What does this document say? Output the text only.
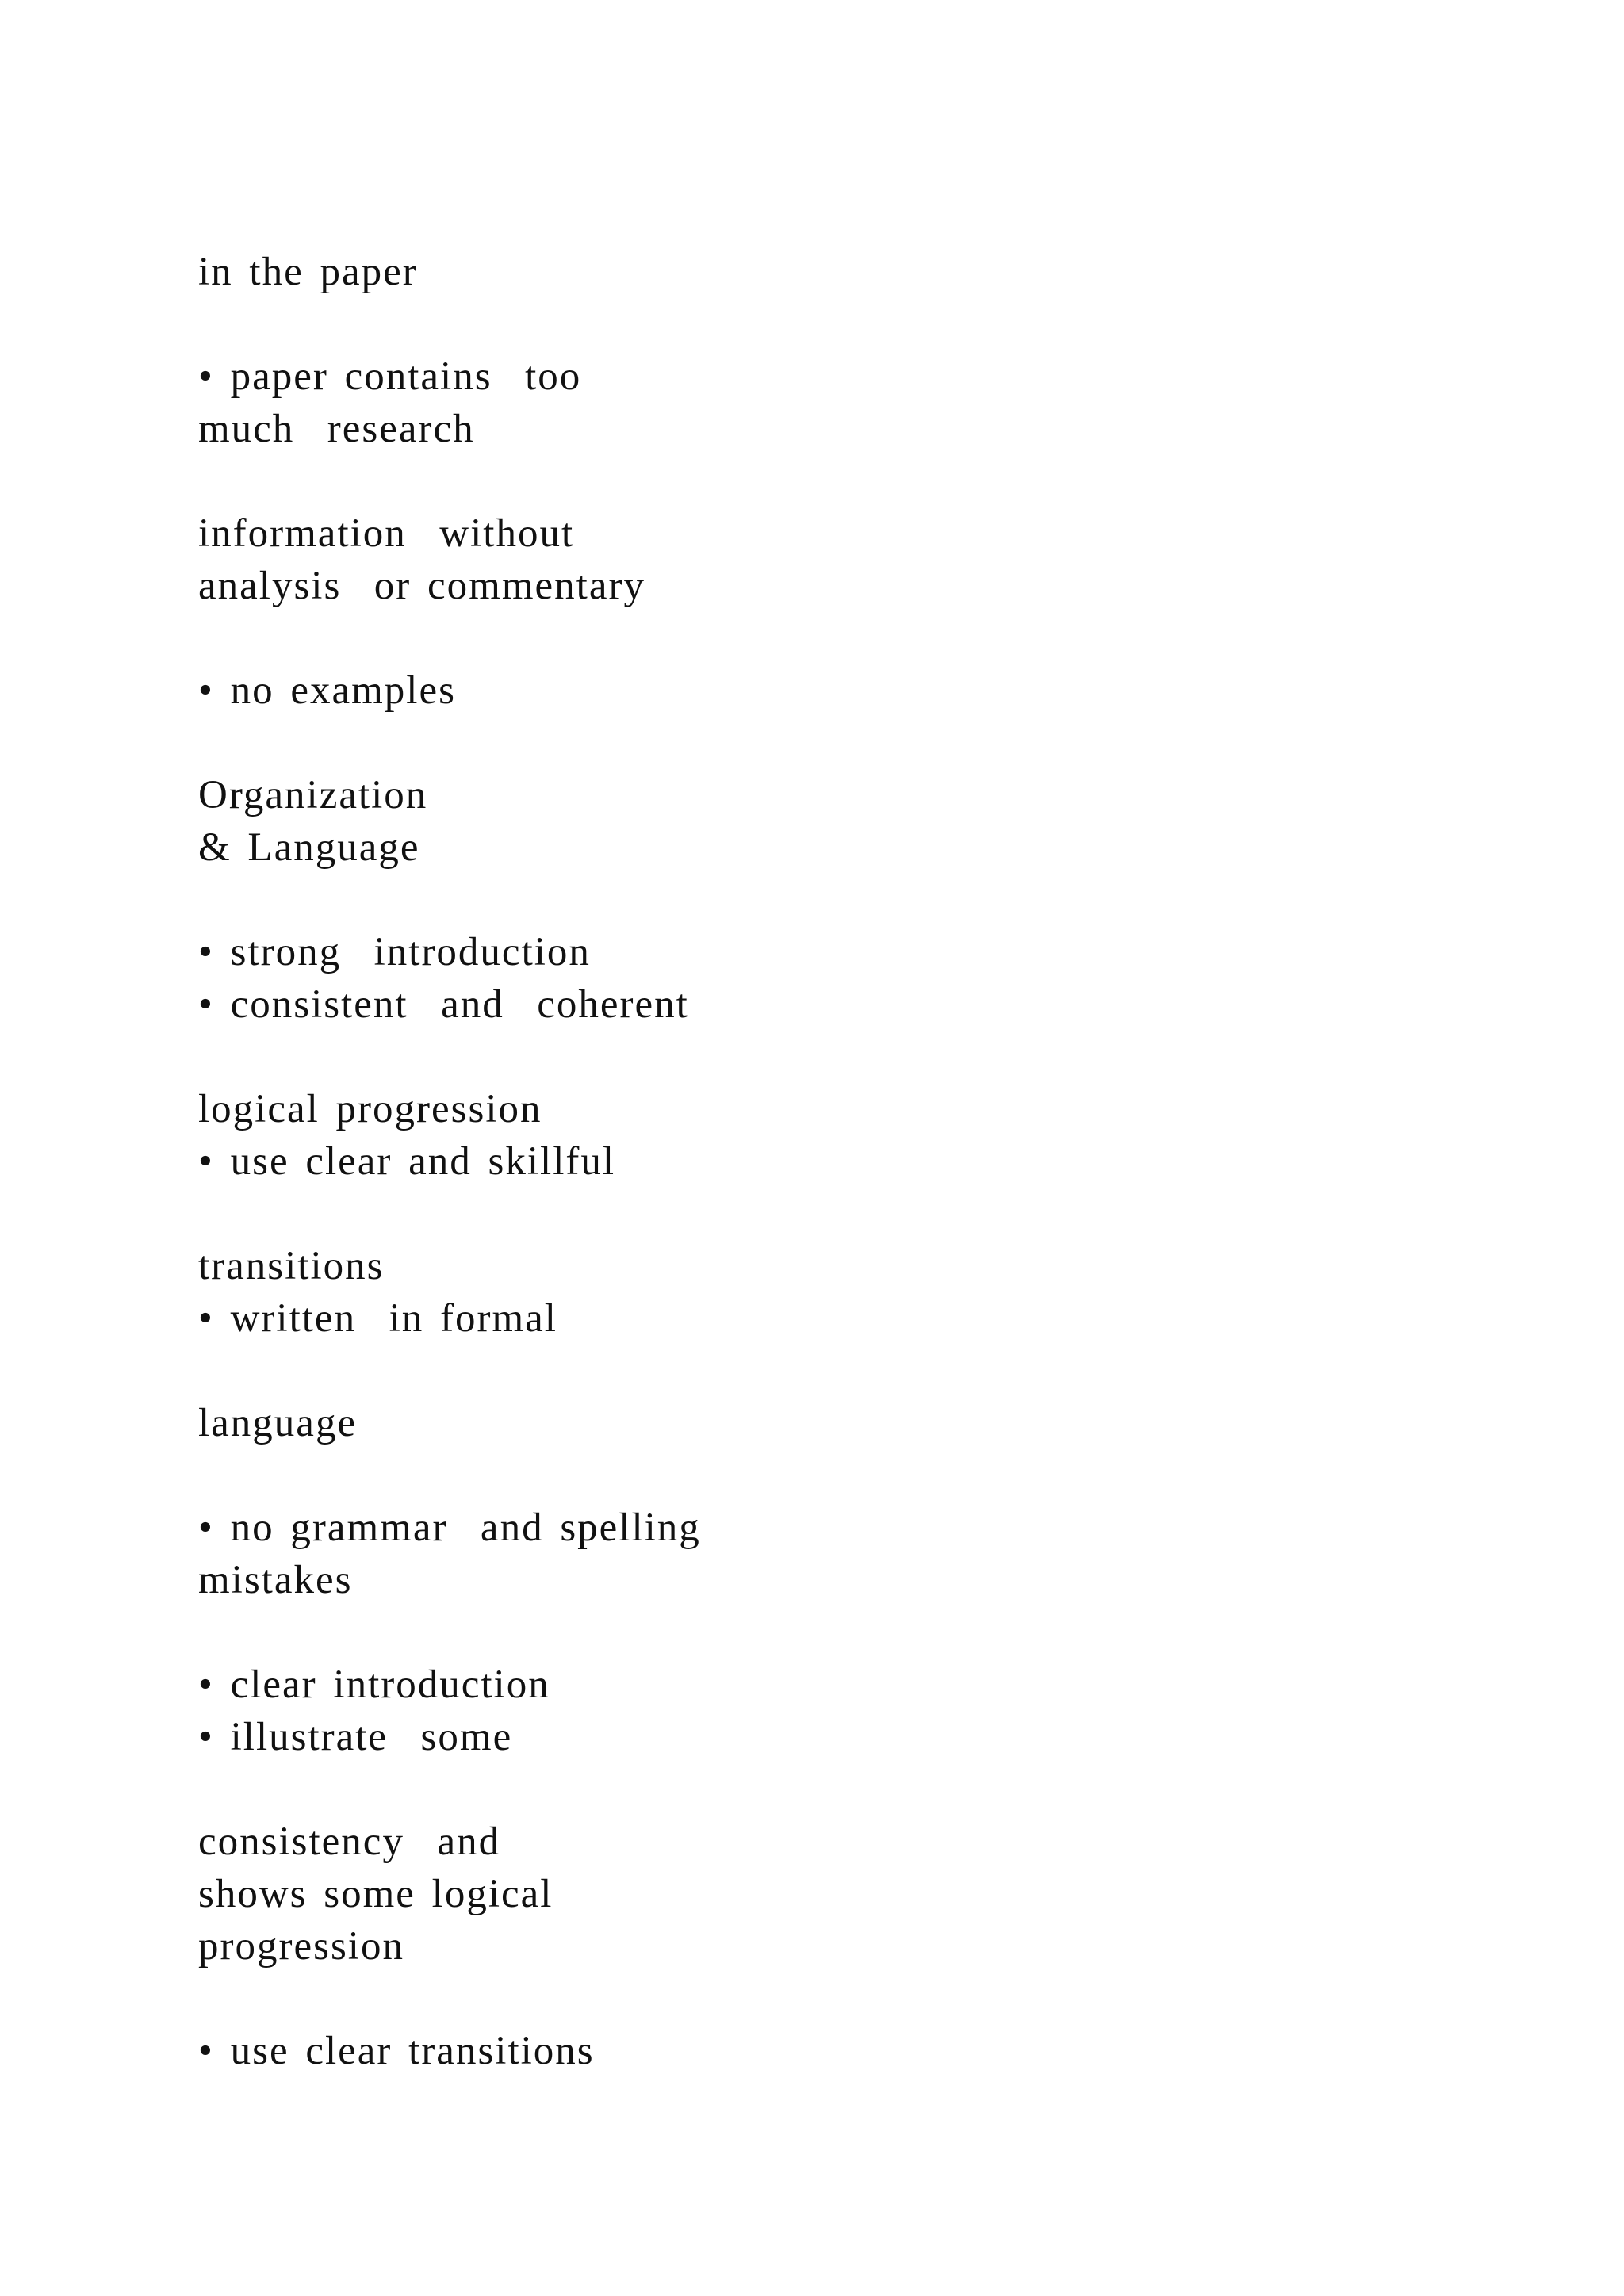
in the paper

• paper contains  too

much  research

information  without

analysis  or commentary

• no examples

Organization

& Language

• strong  introduction

• consistent  and  coherent

logical progression

• use clear and skillful

transitions

• written  in formal

language

• no grammar  and spelling

mistakes

• clear introduction

• illustrate  some

consistency  and

shows some logical

progression

• use clear transitions
